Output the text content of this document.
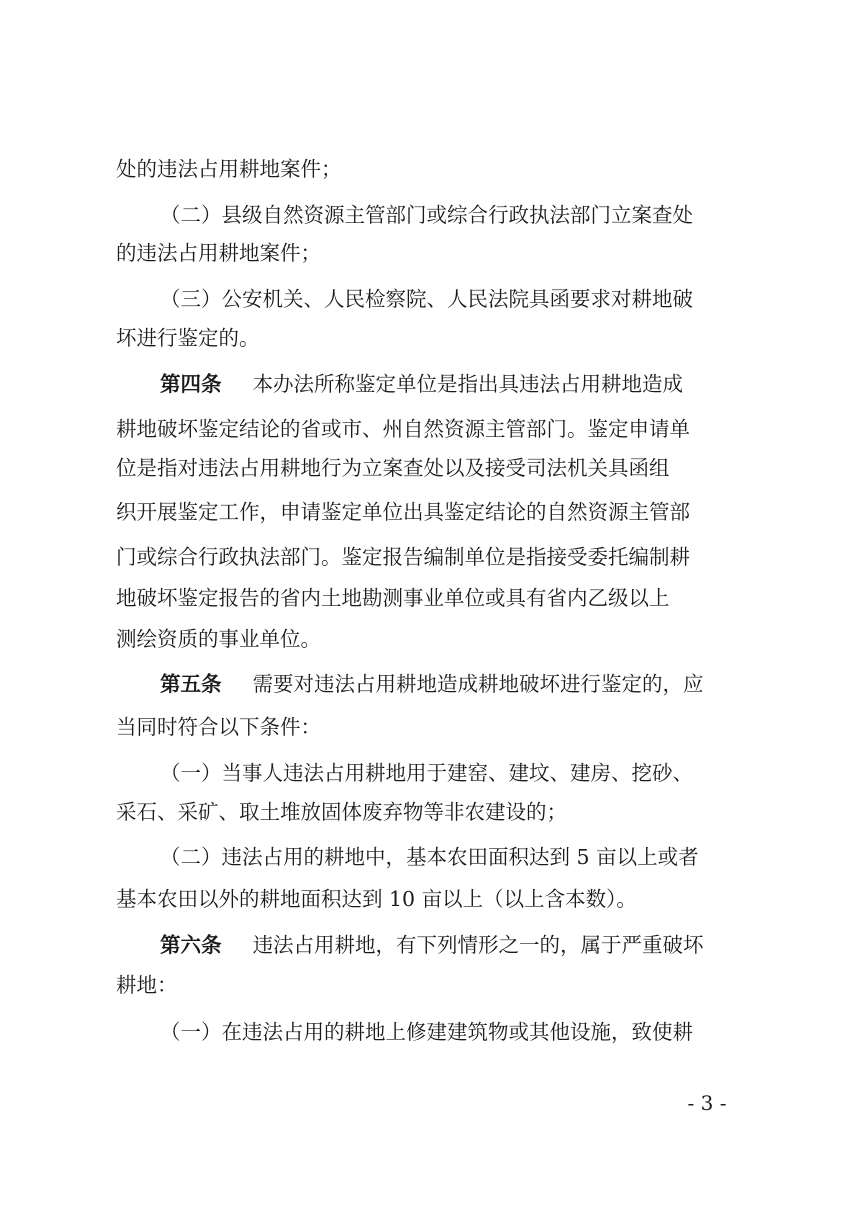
处的违法占用耕地案件；
（二）县级自然资源主管部门或综合行政执法部门立案查处
的违法占用耕地案件；
（三）公安机关、人民检察院、人民法院具函要求对耕地破
坏进行鉴定的。
第四条 本办法所称鉴定单位是指出具违法占用耕地造成
耕地破坏鉴定结论的省或市、州自然资源主管部门。鉴定申请单
位是指对违法占用耕地行为立案查处以及接受司法机关具函组
织开展鉴定工作，申请鉴定单位出具鉴定结论的自然资源主管部
门或综合行政执法部门。鉴定报告编制单位是指接受委托编制耕
地破坏鉴定报告的省内土地勘测事业单位或具有省内乙级以上
测绘资质的事业单位。
第五条 需要对违法占用耕地造成耕地破坏进行鉴定的，应
当同时符合以下条件：
（一）当事人违法占用耕地用于建窑、建坟、建房、挖砂、
采石、采矿、取土堆放固体废弃物等非农建设的；
（二）违法占用的耕地中，基本农田面积达到 5 亩以上或者
基本农田以外的耕地面积达到 10 亩以上（以上含本数）。
第六条 违法占用耕地，有下列情形之一的，属于严重破坏
耕地：
（一）在违法占用的耕地上修建建筑物或其他设施，致使耕
- 3 -
